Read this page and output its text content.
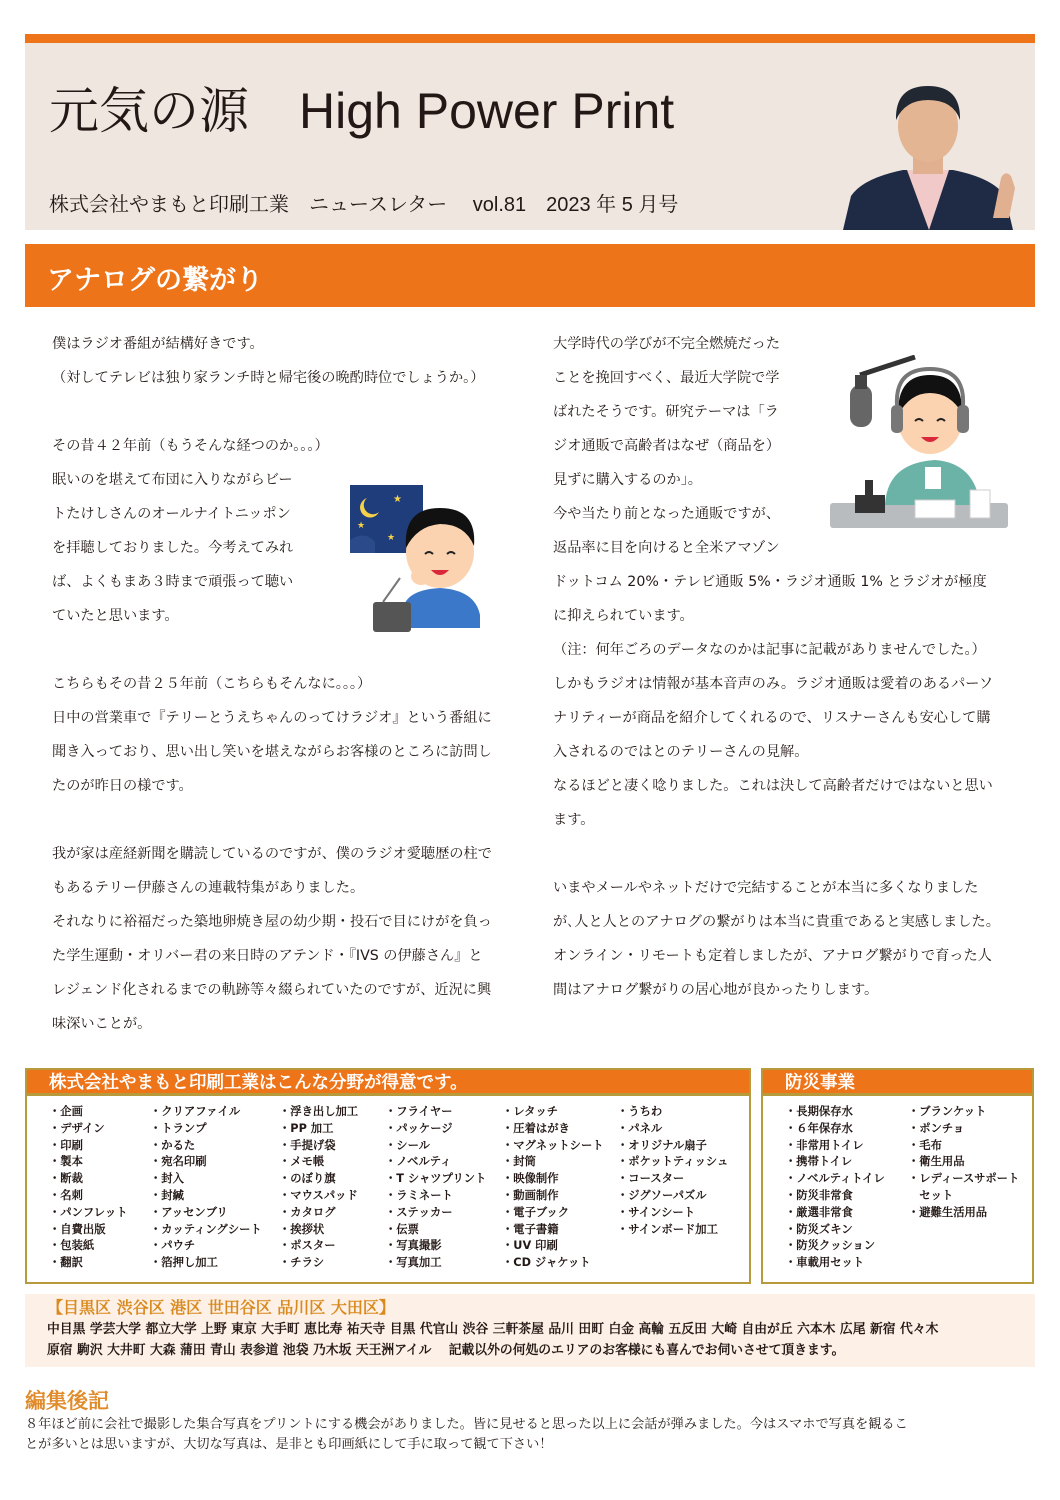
元気の源　High Power Print
株式会社やまもと印刷工業　ニュースレター　 vol.81　2023 年 5 月号
アナログの繋がり

僕はラジオ番組が結構好きです。

（対してテレビは独り家ランチ時と帰宅後の晩酌時位でしょうか。）

その昔４２年前（もうそんな経つのか。。。）

眠いのを堪えて布団に入りながらビー

トたけしさんのオールナイトニッポン

を拝聴しておりました。今考えてみれ

ば、よくもまあ３時まで頑張って聴い

ていたと思います。

こちらもその昔２５年前（こちらもそんなに。。。）

日中の営業車で『テリーとうえちゃんのってけラジオ』という番組に

聞き入っており、思い出し笑いを堪えながらお客様のところに訪問し

たのが昨日の様です。

我が家は産経新聞を購読しているのですが、僕のラジオ愛聴歴の柱で

もあるテリー伊藤さんの連載特集がありました。

それなりに裕福だった築地卵焼き屋の幼少期・投石で目にけがを負っ

た学生運動・オリバー君の来日時のアテンド・『IVS の伊藤さん』と

レジェンド化されるまでの軌跡等々綴られていたのですが、近況に興

味深いことが。

★
★
★

大学時代の学びが不完全燃焼だった

ことを挽回すべく、最近大学院で学

ばれたそうです。研究テーマは「ラ

ジオ通販で高齢者はなぜ（商品を）

見ずに購入するのか」。

今や当たり前となった通販ですが、

返品率に目を向けると全米アマゾン

ドットコム 20%・テレビ通販 5%・ラジオ通販 1% とラジオが極度

に抑えられています。

（注：何年ごろのデータなのかは記事に記載がありませんでした。）

しかもラジオは情報が基本音声のみ。ラジオ通販は愛着のあるパーソ

ナリティーが商品を紹介してくれるので、リスナーさんも安心して購

入されるのではとのテリーさんの見解。

なるほどと凄く唸りました。これは決して高齢者だけではないと思い

ます。

いまやメールやネットだけで完結することが本当に多くなりました

が､人と人とのアナログの繋がりは本当に貴重であると実感しました。

オンライン・リモートも定着しましたが、アナログ繋がりで育った人

間はアナログ繋がりの居心地が良かったりします。

株式会社やまもと印刷工業はこんな分野が得意です。
・企画
・デザイン
・印刷
・製本
・断裁
・名刺
・パンフレット
・自費出版
・包装紙
・翻訳
・クリアファイル
・トランプ
・かるた
・宛名印刷
・封入
・封緘
・アッセンブリ
・カッティングシート
・パウチ
・箔押し加工
・浮き出し加工
・PP 加工
・手提げ袋
・メモ帳
・のぼり旗
・マウスパッド
・カタログ
・挨拶状
・ポスター
・チラシ
・フライヤー
・パッケージ
・シール
・ノベルティ
・T シャツプリント
・ラミネート
・ステッカー
・伝票
・写真撮影
・写真加工
・レタッチ
・圧着はがき
・マグネットシート
・封筒
・映像制作
・動画制作
・電子ブック
・電子書籍
・UV 印刷
・CD ジャケット
・うちわ
・パネル
・オリジナル扇子
・ポケットティッシュ
・コースター
・ジグソーパズル
・サインシート
・サインボード加工
防災事業
・長期保存水
・６年保存水
・非常用トイレ
・携帯トイレ
・ノベルティトイレ
・防災非常食
・厳選非常食
・防災ズキン
・防災クッション
・車載用セット
・ブランケット
・ポンチョ
・毛布
・衛生用品
・レディースサポート
　セット
・避難生活用品
【目黒区 渋谷区 港区 世田谷区 品川区 大田区】
中目黒 学芸大学 都立大学 上野 東京 大手町 恵比寿 祐天寺 目黒 代官山 渋谷 三軒茶屋 品川 田町 白金 高輪 五反田 大崎 自由が丘 六本木 広尾 新宿 代々木
原宿 駒沢 大井町 大森 蒲田 青山 表参道 池袋 乃木坂 天王洲アイル　 記載以外の何処のエリアのお客様にも喜んでお伺いさせて頂きます。
編集後記

８年ほど前に会社で撮影した集合写真をプリントにする機会がありました。皆に見せると思った以上に会話が弾みました。今はスマホで写真を観るこ

とが多いとは思いますが、大切な写真は、是非とも印画紙にして手に取って観て下さい！
